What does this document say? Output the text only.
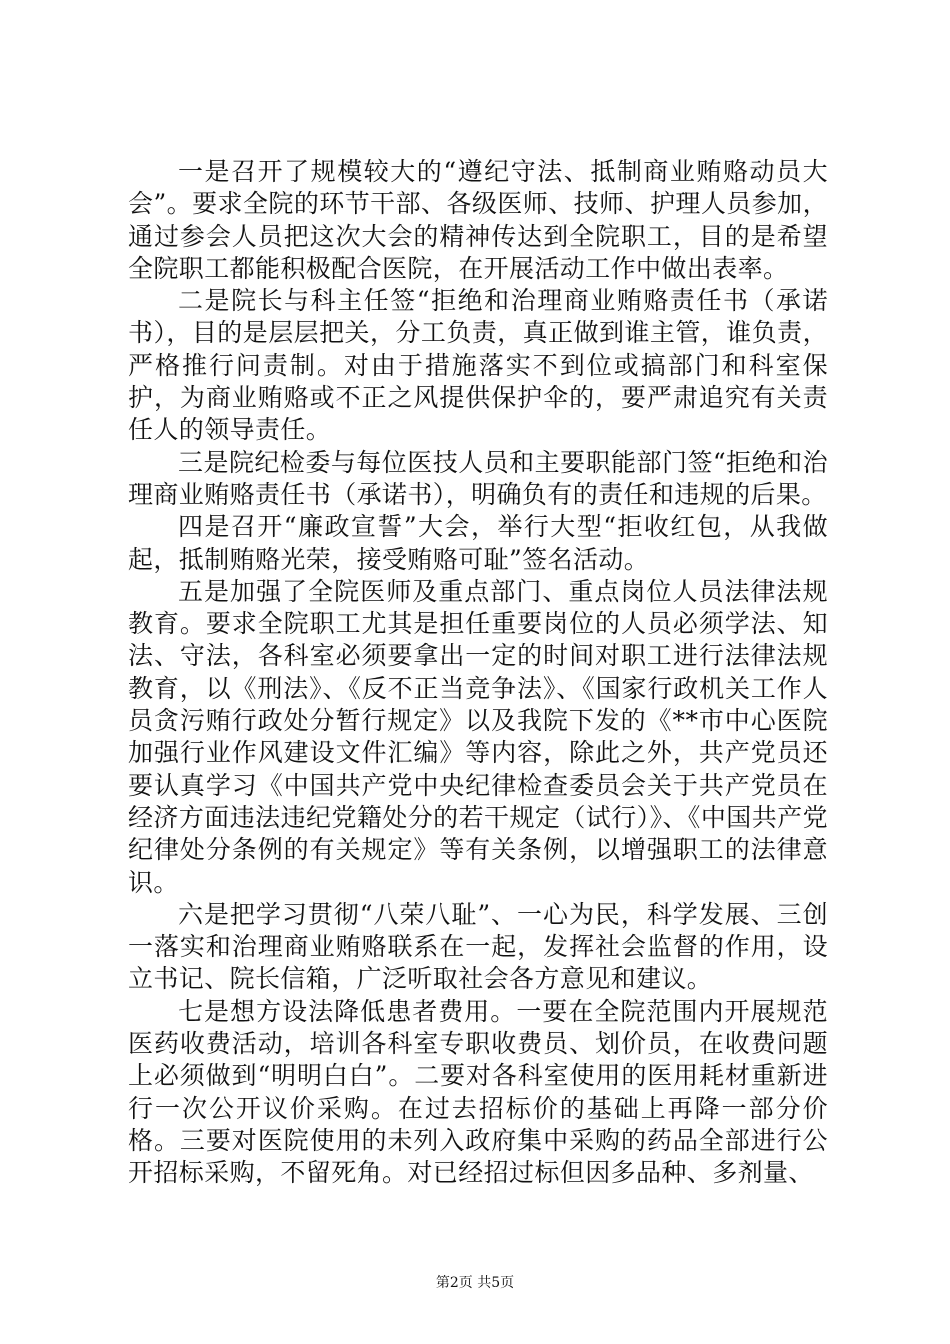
一是召开了规模较大的“遵纪守法、抵制商业贿赂动员大会”。要求全院的环节干部、各级医师、技师、护理人员参加，通过参会人员把这次大会的精神传达到全院职工，目的是希望全院职工都能积极配合医院，在开展活动工作中做出表率。

二是院长与科主任签“拒绝和治理商业贿赂责任书（承诺书），目的是层层把关，分工负责，真正做到谁主管，谁负责，严格推行问责制。对由于措施落实不到位或搞部门和科室保护，为商业贿赂或不正之风提供保护伞的，要严肃追究有关责任人的领导责任。

三是院纪检委与每位医技人员和主要职能部门签“拒绝和治理商业贿赂责任书（承诺书），明确负有的责任和违规的后果。

四是召开“廉政宣誓”大会，举行大型“拒收红包，从我做起，抵制贿赂光荣，接受贿赂可耻”签名活动。

五是加强了全院医师及重点部门、重点岗位人员法律法规教育。要求全院职工尤其是担任重要岗位的人员必须学法、知法、守法，各科室必须要拿出一定的时间对职工进行法律法规教育，以《刑法》、《反不正当竞争法》、《国家行政机关工作人员贪污贿行政处分暂行规定》以及我院下发的《**市中心医院加强行业作风建设文件汇编》等内容，除此之外，共产党员还要认真学习《中国共产党中央纪律检查委员会关于共产党员在经济方面违法违纪党籍处分的若干规定（试行）》、《中国共产党纪律处分条例的有关规定》等有关条例，以增强职工的法律意识。

六是把学习贯彻“八荣八耻”、一心为民，科学发展、三创一落实和治理商业贿赂联系在一起，发挥社会监督的作用，设立书记、院长信箱，广泛听取社会各方意见和建议。

七是想方设法降低患者费用。一要在全院范围内开展规范医药收费活动，培训各科室专职收费员、划价员，在收费问题上必须做到“明明白白”。二要对各科室使用的医用耗材重新进行一次公开议价采购。在过去招标价的基础上再降一部分价格。三要对医院使用的未列入政府集中采购的药品全部进行公开招标采购，不留死角。对已经招过标但因多品种、多剂量、

第2页 共5页
